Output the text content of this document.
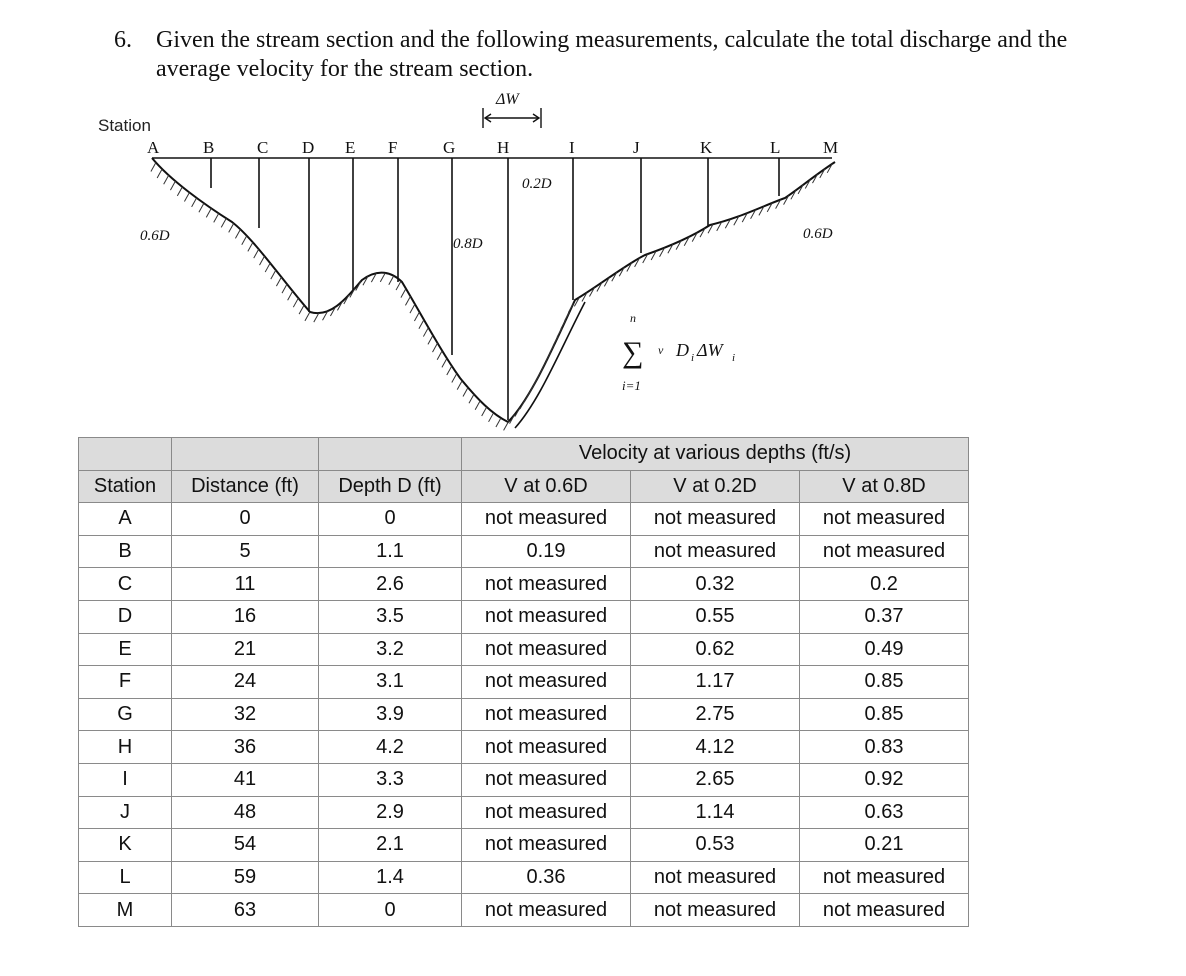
6. Given the stream section and the following measurements, calculate the total discharge and the average velocity for the stream section.
Station
ΔW
A	B	C D E F	G H	I	J	K	L	M
0.6D	0.8D
0.2D
0.6D
n
∑
i=1
v D i ΔW i
			Velocity at various depths (ft/s)		
Station	Distance (ft)	Depth D (ft)	V at 0.6D	V at 0.2D	V at 0.8D
A	0	0	not measured	not measured	not measured
B	5	1.1	0.19	not measured	not measured
C	11	2.6	not measured	0.32	0.2
D	16	3.5	not measured	0.55	0.37
E	21	3.2	not measured	0.62	0.49
F	24	3.1	not measured	1.17	0.85
G	32	3.9	not measured	2.75	0.85
H	36	4.2	not measured	4.12	0.83
I	41	3.3	not measured	2.65	0.92
J	48	2.9	not measured	1.14	0.63
K	54	2.1	not measured	0.53	0.21
L	59	1.4	0.36	not measured	not measured
M	63	0	not measured	not measured	not measured
